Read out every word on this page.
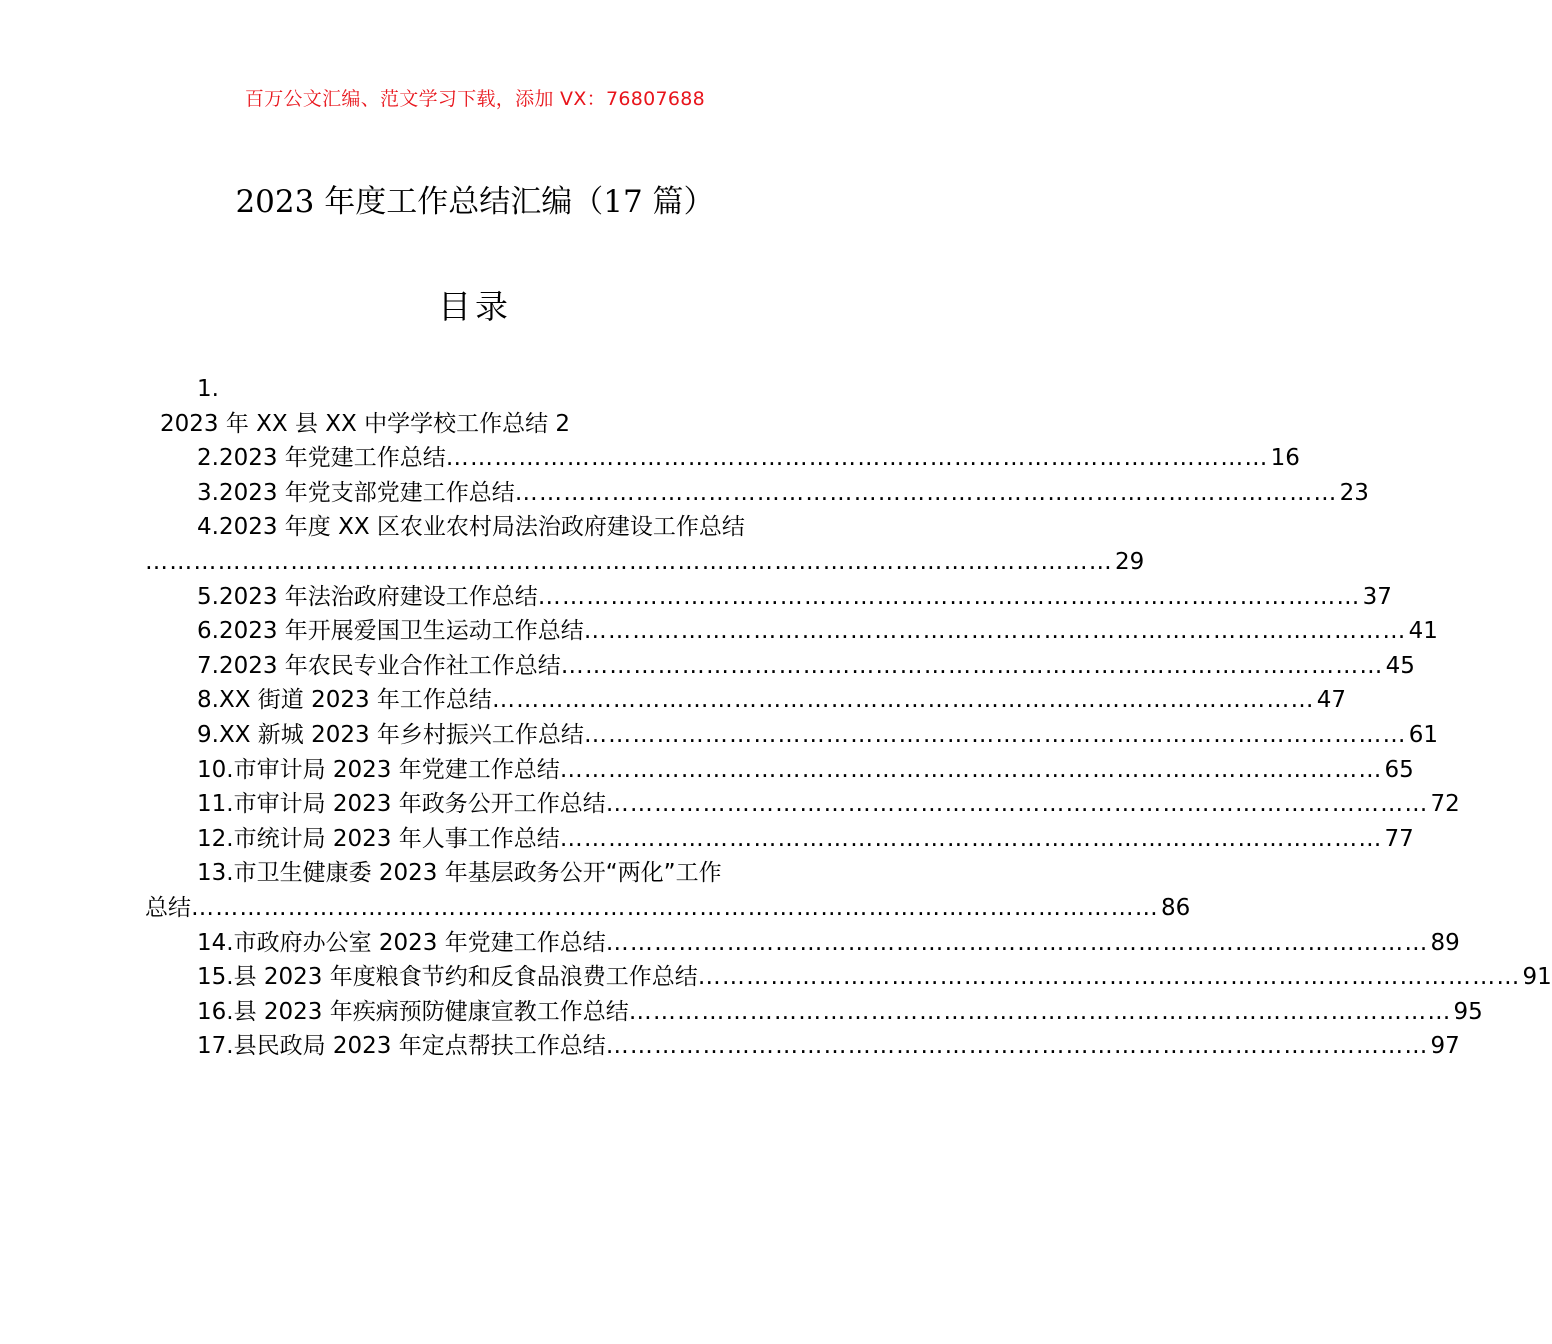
百万公文汇编、范文学习下载，添加 VX：76807688
2023 年度工作总结汇编（17 篇）
目录
1.
2023 年 XX 县 XX 中学学校工作总结 2
2.2023 年党建工作总结 ………………………………………………………………………………………… 16
3.2023 年党支部党建工作总结 ………………………………………………………………………………………… 23
4.2023 年度 XX 区农业农村局法治政府建设工作总结
………………………………………………………………………………………………………… 29
5.2023 年法治政府建设工作总结 ………………………………………………………………………………………… 37
6.2023 年开展爱国卫生运动工作总结 ………………………………………………………………………………………… 41
7.2023 年农民专业合作社工作总结 ………………………………………………………………………………………… 45
8.XX 街道 2023 年工作总结 ………………………………………………………………………………………… 47
9.XX 新城 2023 年乡村振兴工作总结 ………………………………………………………………………………………… 61
10.市审计局 2023 年党建工作总结 ………………………………………………………………………………………… 65
11.市审计局 2023 年政务公开工作总结 ………………………………………………………………………………………… 72
12.市统计局 2023 年人事工作总结 ………………………………………………………………………………………… 77
13.市卫生健康委 2023 年基层政务公开“两化”工作
总结 ………………………………………………………………………………………………………… 86
14.市政府办公室 2023 年党建工作总结 ………………………………………………………………………………………… 89
15.县 2023 年度粮食节约和反食品浪费工作总结 ………………………………………………………………………………………… 91
16.县 2023 年疾病预防健康宣教工作总结 ………………………………………………………………………………………… 95
17.县民政局 2023 年定点帮扶工作总结 ………………………………………………………………………………………… 97
